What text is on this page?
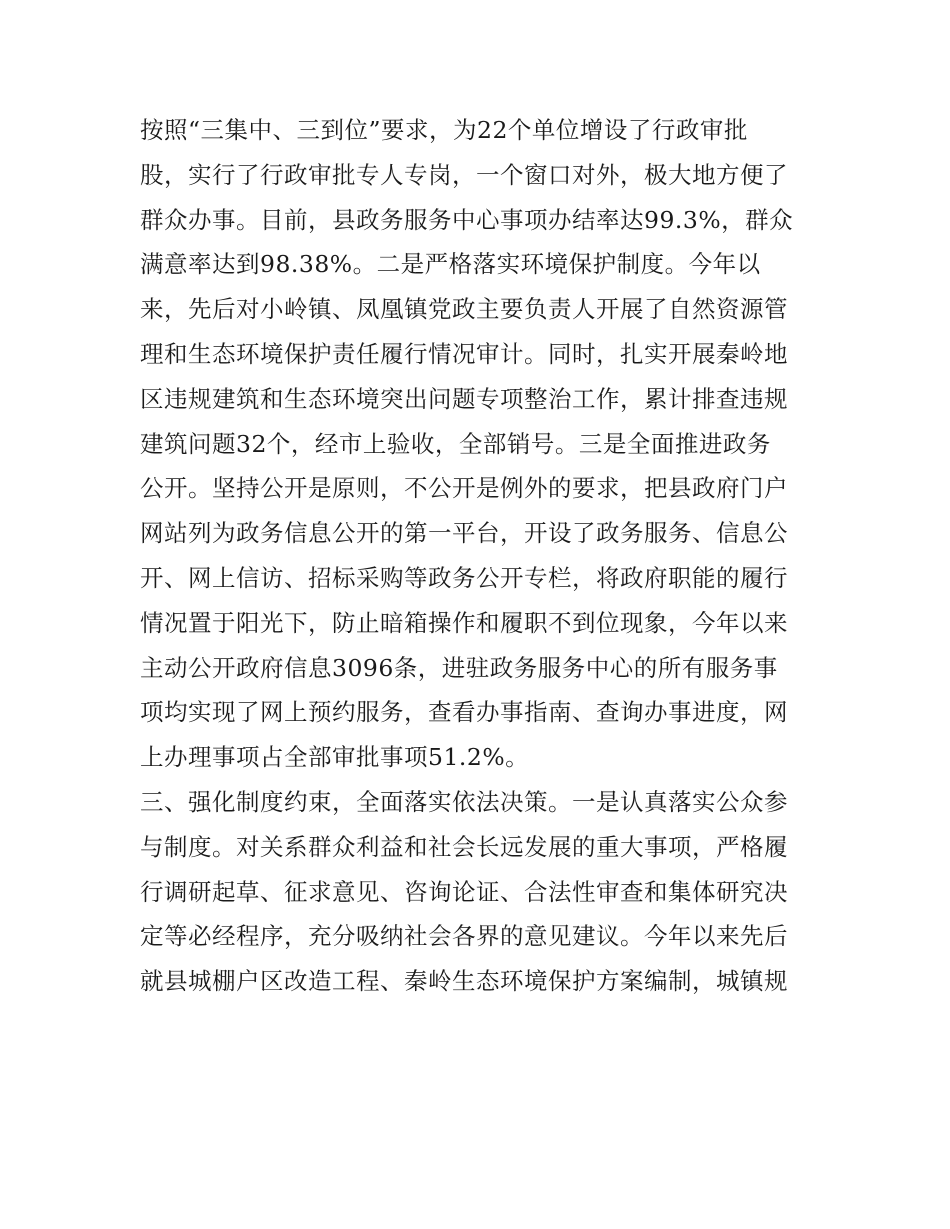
按照“三集中、三到位”要求，为22个单位增设了行政审批
股，实行了行政审批专人专岗，一个窗口对外，极大地方便了
群众办事。目前，县政务服务中心事项办结率达99.3%，群众
满意率达到98.38%。二是严格落实环境保护制度。今年以
来，先后对小岭镇、凤凰镇党政主要负责人开展了自然资源管
理和生态环境保护责任履行情况审计。同时，扎实开展秦岭地
区违规建筑和生态环境突出问题专项整治工作，累计排查违规
建筑问题32个，经市上验收，全部销号。三是全面推进政务
公开。坚持公开是原则，不公开是例外的要求，把县政府门户
网站列为政务信息公开的第一平台，开设了政务服务、信息公
开、网上信访、招标采购等政务公开专栏，将政府职能的履行
情况置于阳光下，防止暗箱操作和履职不到位现象，今年以来
主动公开政府信息3096条，进驻政务服务中心的所有服务事
项均实现了网上预约服务，查看办事指南、查询办事进度，网
上办理事项占全部审批事项51.2%。
三、强化制度约束，全面落实依法决策。一是认真落实公众参
与制度。对关系群众利益和社会长远发展的重大事项，严格履
行调研起草、征求意见、咨询论证、合法性审查和集体研究决
定等必经程序，充分吸纳社会各界的意见建议。今年以来先后
就县城棚户区改造工程、秦岭生态环境保护方案编制，城镇规
